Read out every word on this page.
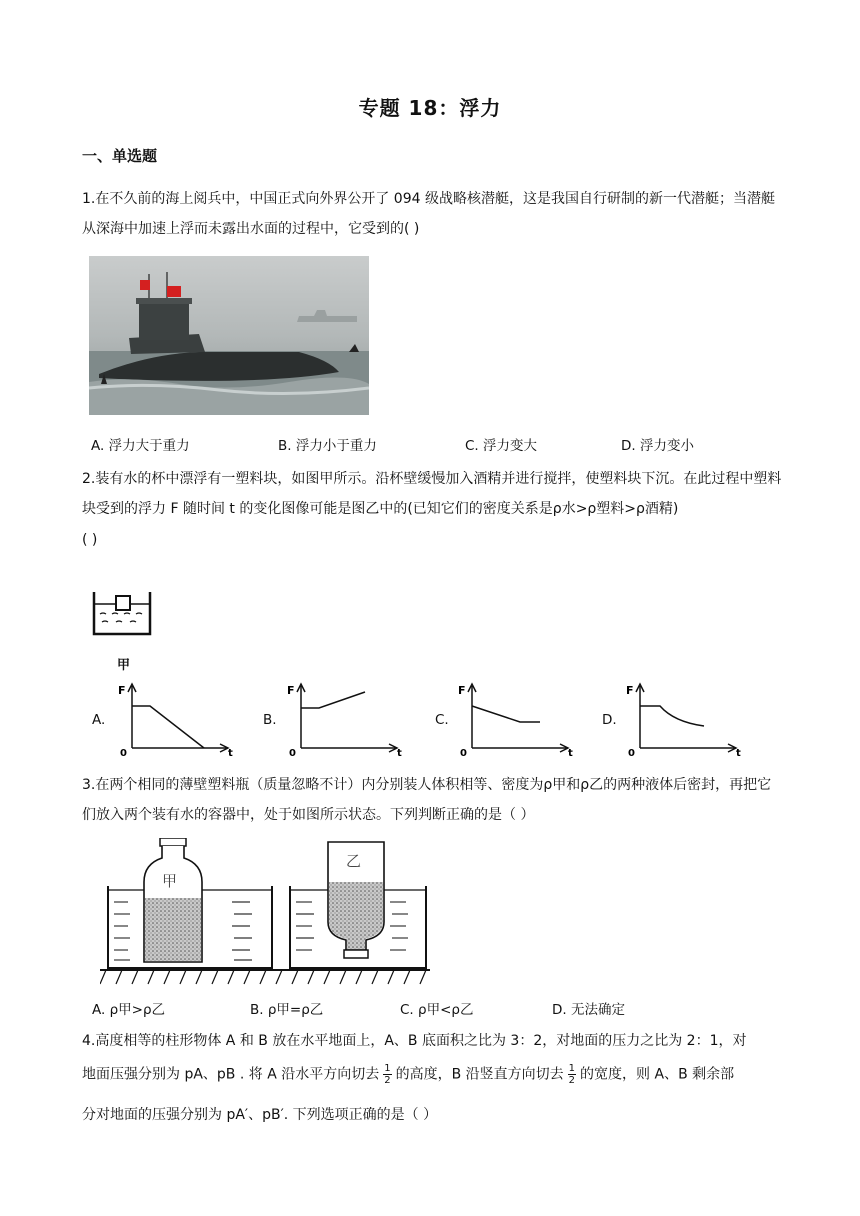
专题 18：浮力
一、单选题
1.在不久前的海上阅兵中，中国正式向外界公开了 094 级战略核潜艇，这是我国自行研制的新一代潜艇；当潜艇从深海中加速上浮而未露出水面的过程中，它受到的( )
A. 浮力大于重力	B. 浮力小于重力	C. 浮力变大	D. 浮力变小
2.装有水的杯中漂浮有一塑料块，如图甲所示。沿杯壁缓慢加入酒精并进行搅拌，使塑料块下沉。在此过程中塑料块受到的浮力 F 随时间 t 的变化图像可能是图乙中的(已知它们的密度关系是ρ水>ρ塑料>ρ酒精)
( )
甲
A.
F
0	t
B.
F
0	t
C.
F
0	t
D.
F
0	t
3.在两个相同的薄壁塑料瓶（质量忽略不计）内分别装人体积相等、密度为ρ甲和ρ乙的两种液体后密封，再把它们放入两个装有水的容器中，处于如图所示状态。下列判断正确的是（ ）
甲
乙
A. ρ甲>ρ乙	B. ρ甲=ρ乙	C. ρ甲<ρ乙	D. 无法确定
4.高度相等的柱形物体 A 和 B 放在水平地面上，A、B 底面积之比为 3：2，对地面的压力之比为 2：1，对
地面压强分别为 pA、pB . 将 A 沿水平方向切去 $\frac{1}{2}$ 的高度，B 沿竖直方向切去 $\frac{1}{2}$ 的宽度，则 A、B 剩余部
分对地面的压强分别为 pA′、pB′. 下列选项正确的是（ ）
